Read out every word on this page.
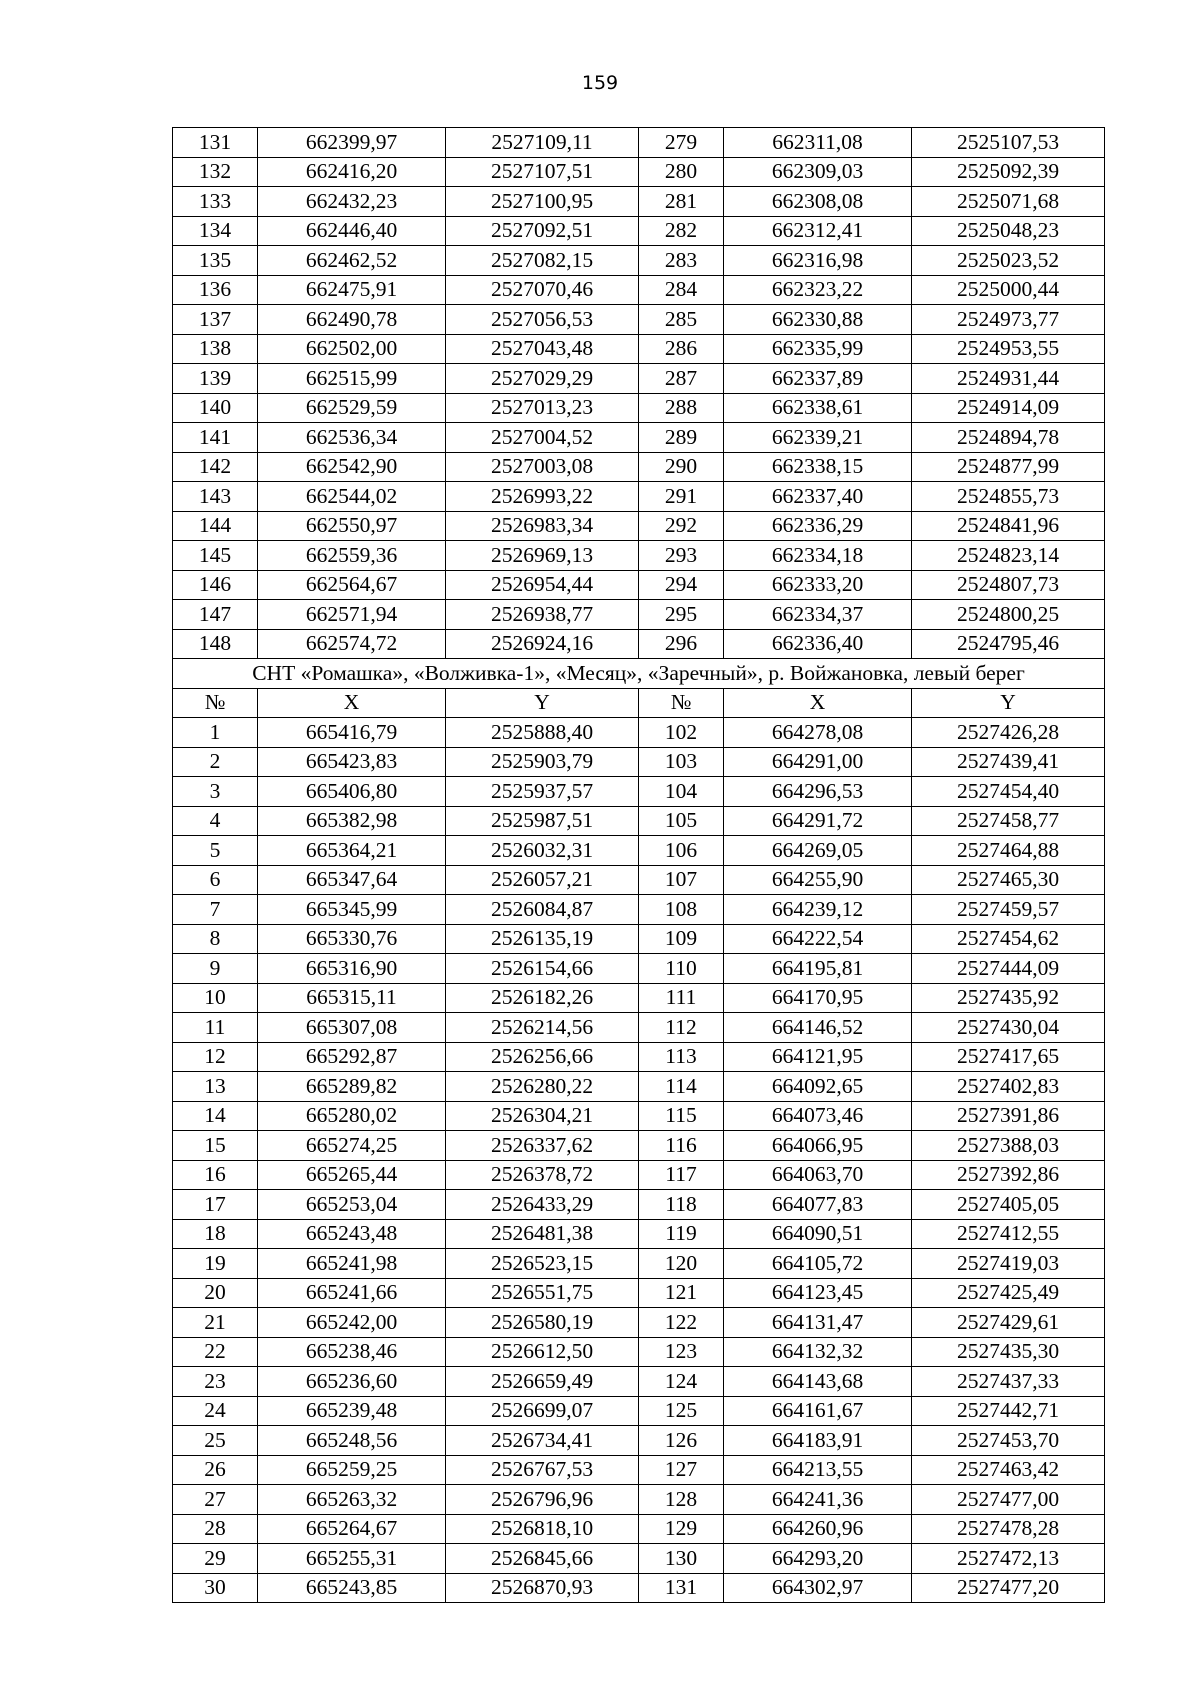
159
131	662399,97	2527109,11	279	662311,08	2525107,53
132	662416,20	2527107,51	280	662309,03	2525092,39
133	662432,23	2527100,95	281	662308,08	2525071,68
134	662446,40	2527092,51	282	662312,41	2525048,23
135	662462,52	2527082,15	283	662316,98	2525023,52
136	662475,91	2527070,46	284	662323,22	2525000,44
137	662490,78	2527056,53	285	662330,88	2524973,77
138	662502,00	2527043,48	286	662335,99	2524953,55
139	662515,99	2527029,29	287	662337,89	2524931,44
140	662529,59	2527013,23	288	662338,61	2524914,09
141	662536,34	2527004,52	289	662339,21	2524894,78
142	662542,90	2527003,08	290	662338,15	2524877,99
143	662544,02	2526993,22	291	662337,40	2524855,73
144	662550,97	2526983,34	292	662336,29	2524841,96
145	662559,36	2526969,13	293	662334,18	2524823,14
146	662564,67	2526954,44	294	662333,20	2524807,73
147	662571,94	2526938,77	295	662334,37	2524800,25
148	662574,72	2526924,16	296	662336,40	2524795,46
СНТ «Ромашка», «Волживка-1», «Месяц», «Заречный», р. Войжановка, левый берег					
№	X	Y	№	X	Y
1	665416,79	2525888,40	102	664278,08	2527426,28
2	665423,83	2525903,79	103	664291,00	2527439,41
3	665406,80	2525937,57	104	664296,53	2527454,40
4	665382,98	2525987,51	105	664291,72	2527458,77
5	665364,21	2526032,31	106	664269,05	2527464,88
6	665347,64	2526057,21	107	664255,90	2527465,30
7	665345,99	2526084,87	108	664239,12	2527459,57
8	665330,76	2526135,19	109	664222,54	2527454,62
9	665316,90	2526154,66	110	664195,81	2527444,09
10	665315,11	2526182,26	111	664170,95	2527435,92
11	665307,08	2526214,56	112	664146,52	2527430,04
12	665292,87	2526256,66	113	664121,95	2527417,65
13	665289,82	2526280,22	114	664092,65	2527402,83
14	665280,02	2526304,21	115	664073,46	2527391,86
15	665274,25	2526337,62	116	664066,95	2527388,03
16	665265,44	2526378,72	117	664063,70	2527392,86
17	665253,04	2526433,29	118	664077,83	2527405,05
18	665243,48	2526481,38	119	664090,51	2527412,55
19	665241,98	2526523,15	120	664105,72	2527419,03
20	665241,66	2526551,75	121	664123,45	2527425,49
21	665242,00	2526580,19	122	664131,47	2527429,61
22	665238,46	2526612,50	123	664132,32	2527435,30
23	665236,60	2526659,49	124	664143,68	2527437,33
24	665239,48	2526699,07	125	664161,67	2527442,71
25	665248,56	2526734,41	126	664183,91	2527453,70
26	665259,25	2526767,53	127	664213,55	2527463,42
27	665263,32	2526796,96	128	664241,36	2527477,00
28	665264,67	2526818,10	129	664260,96	2527478,28
29	665255,31	2526845,66	130	664293,20	2527472,13
30	665243,85	2526870,93	131	664302,97	2527477,20
